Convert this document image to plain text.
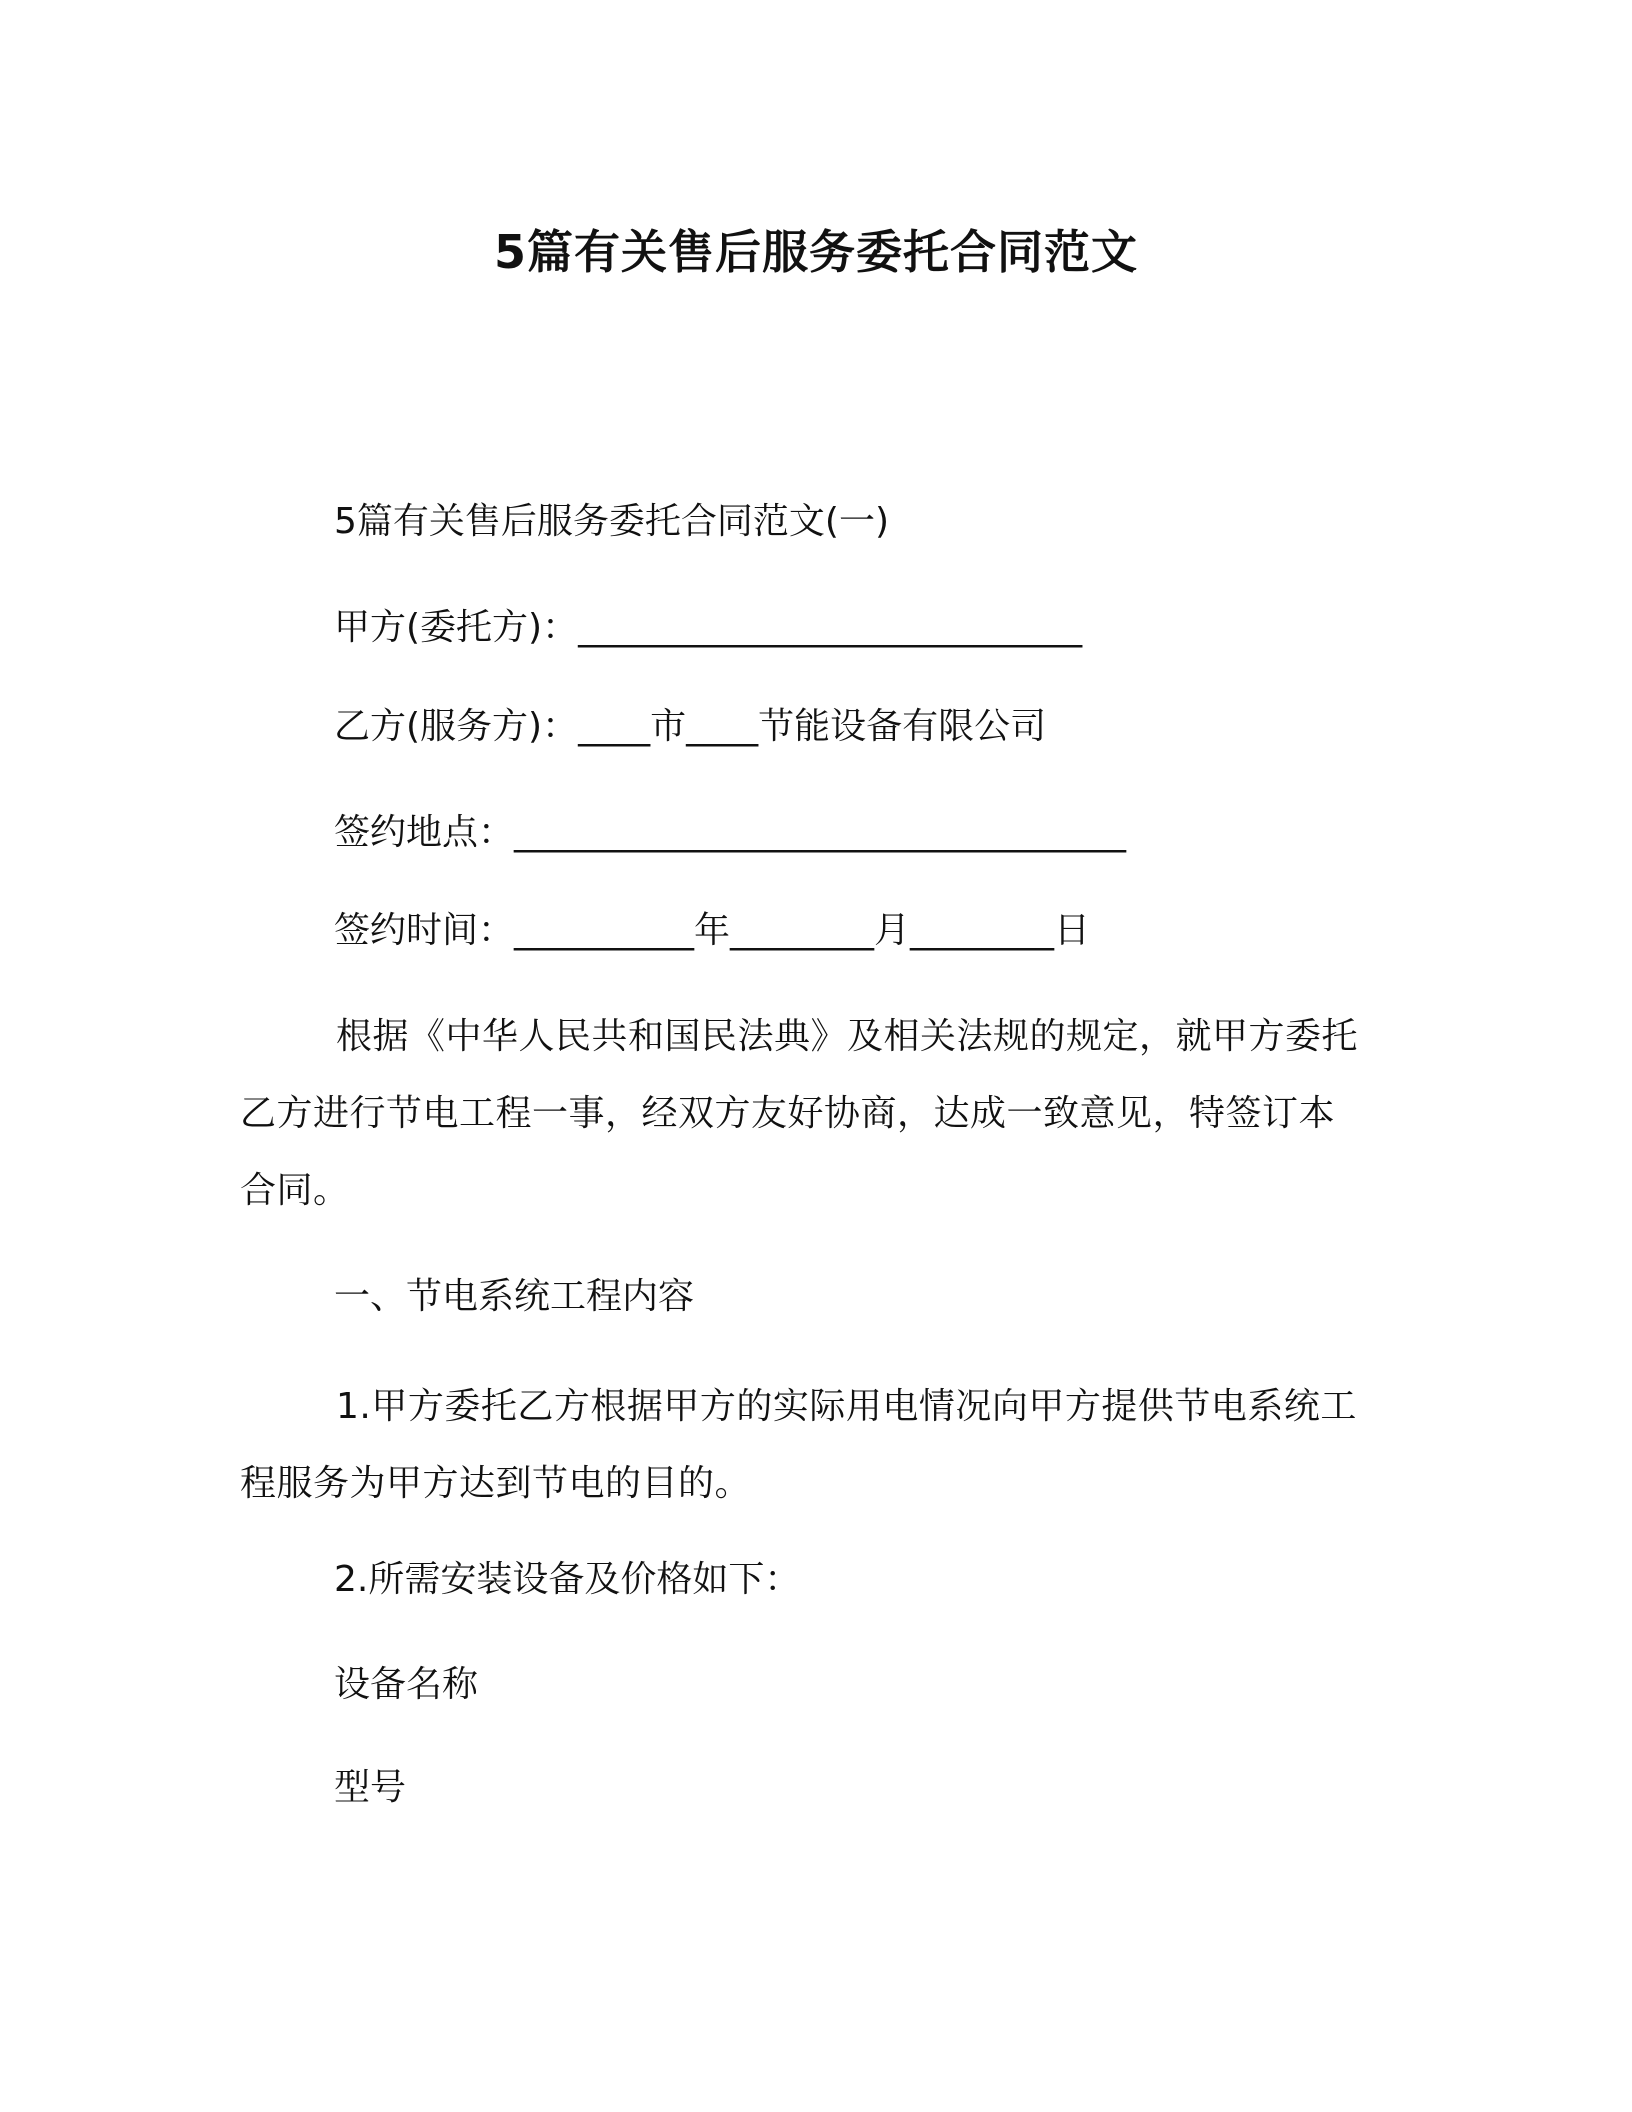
5篇有关售后服务委托合同范文
5篇有关售后服务委托合同范文(一)
甲方(委托方)：____________________________
乙方(服务方)：____市____节能设备有限公司
签约地点：__________________________________
签约时间：__________年________月________日
根据《中华人民共和国民法典》及相关法规的规定，就甲方委托乙方进行节电工程一事，经双方友好协商，达成一致意见，特签订本合同。
一、节电系统工程内容
1.甲方委托乙方根据甲方的实际用电情况向甲方提供节电系统工程服务为甲方达到节电的目的。
2.所需安装设备及价格如下：
设备名称
型号
